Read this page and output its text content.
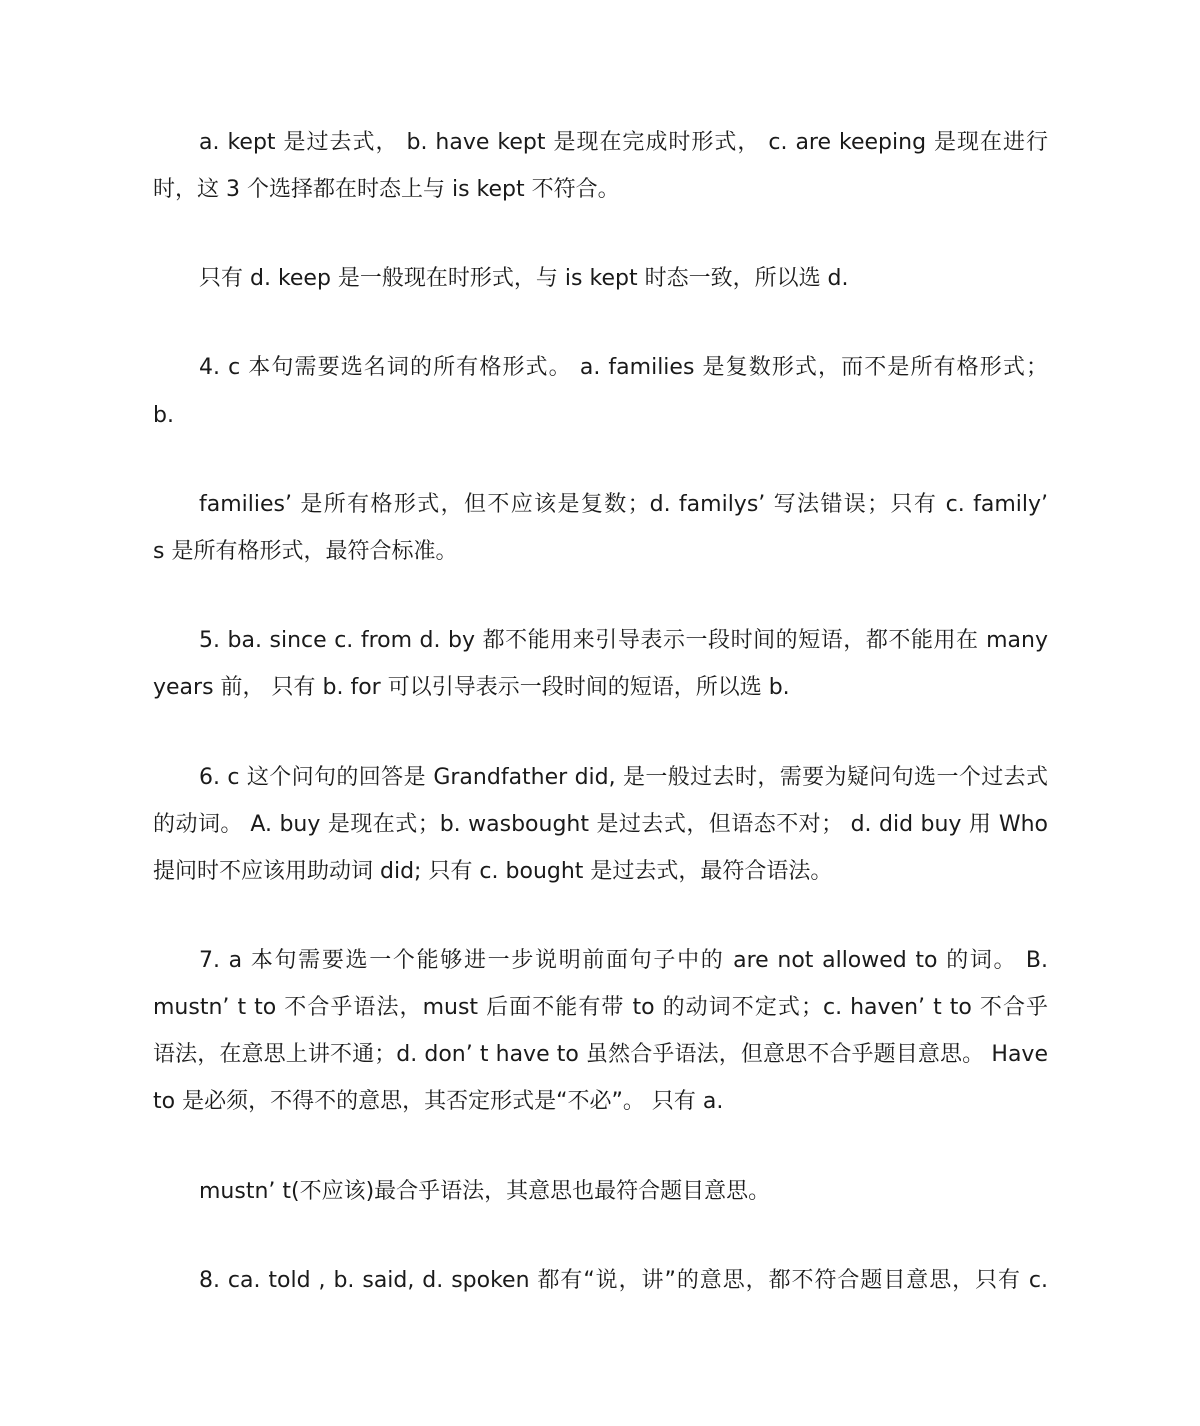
a. kept 是过去式， b. have kept 是现在完成时形式， c. are keeping 是现在进行
时，这 3 个选择都在时态上与 is kept 不符合。
只有 d. keep 是一般现在时形式，与 is kept 时态一致，所以选 d.
4. c 本句需要选名词的所有格形式。 a. families 是复数形式，而不是所有格形式；
b.
families’ 是所有格形式，但不应该是复数；d. familys’ 写法错误；只有 c. family’
s 是所有格形式，最符合标准。
5. ba. since c. from d. by 都不能用来引导表示一段时间的短语，都不能用在 many
years 前， 只有 b. for 可以引导表示一段时间的短语，所以选 b.
6. c 这个问句的回答是 Grandfather did, 是一般过去时，需要为疑问句选一个过去式
的动词。 A. buy 是现在式；b. wasbought 是过去式，但语态不对； d. did buy 用 Who
提问时不应该用助动词 did; 只有 c. bought 是过去式，最符合语法。
7. a 本句需要选一个能够进一步说明前面句子中的 are not allowed to 的词。 B.
mustn’ t to 不合乎语法，must 后面不能有带 to 的动词不定式；c. haven’ t to 不合乎
语法，在意思上讲不通；d. don’ t have to 虽然合乎语法，但意思不合乎题目意思。 Have
to 是必须，不得不的意思，其否定形式是“不必”。 只有 a.
mustn’ t(不应该)最合乎语法，其意思也最符合题目意思。
8. ca. told , b. said, d. spoken 都有“说，讲”的意思，都不符合题目意思，只有 c.
